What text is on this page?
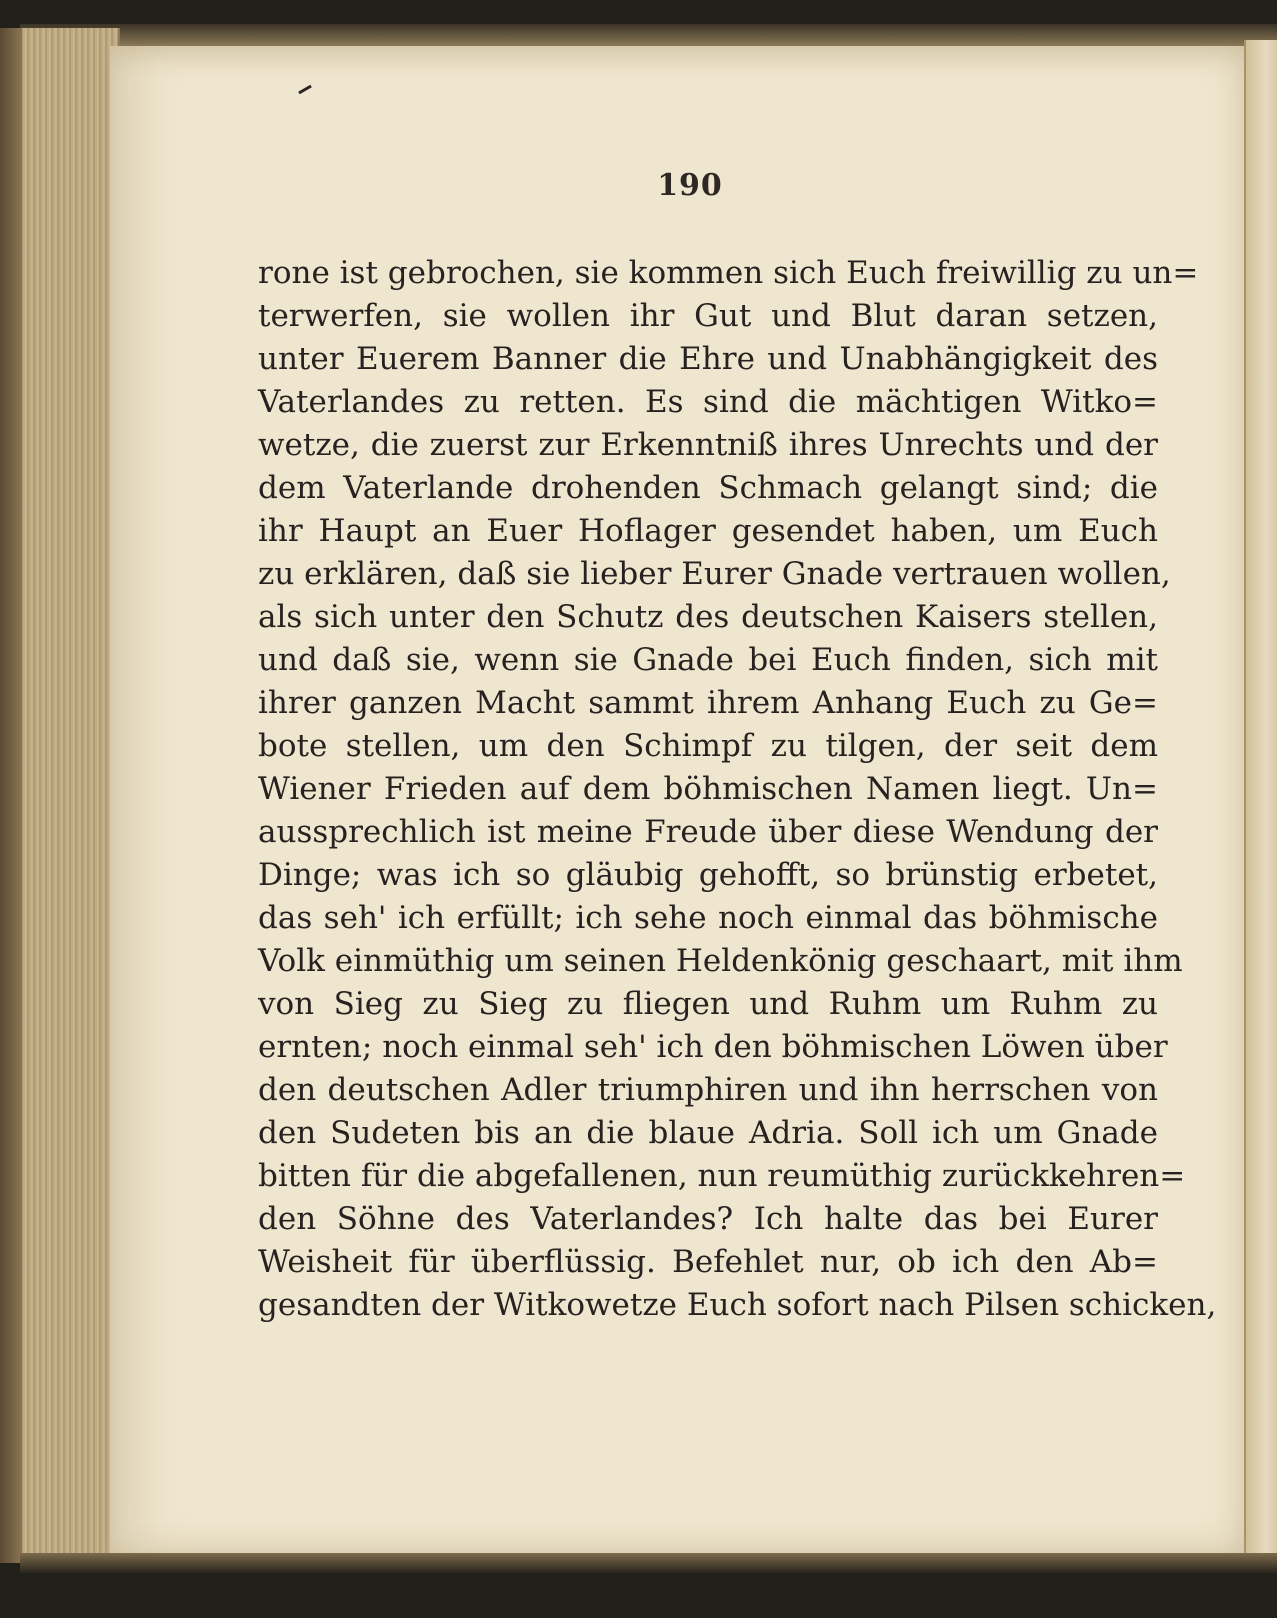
190
rone ist gebrochen, sie kommen sich Euch freiwillig zu un=
terwerfen, sie wollen ihr Gut und Blut daran setzen,
unter Euerem Banner die Ehre und Unabhängigkeit des
Vaterlandes zu retten. Es sind die mächtigen Witko=
wetze, die zuerst zur Erkenntniß ihres Unrechts und der
dem Vaterlande drohenden Schmach gelangt sind; die
ihr Haupt an Euer Hoflager gesendet haben, um Euch
zu erklären, daß sie lieber Eurer Gnade vertrauen wollen,
als sich unter den Schutz des deutschen Kaisers stellen,
und daß sie, wenn sie Gnade bei Euch finden, sich mit
ihrer ganzen Macht sammt ihrem Anhang Euch zu Ge=
bote stellen, um den Schimpf zu tilgen, der seit dem
Wiener Frieden auf dem böhmischen Namen liegt. Un=
aussprechlich ist meine Freude über diese Wendung der
Dinge; was ich so gläubig gehofft, so brünstig erbetet,
das seh' ich erfüllt; ich sehe noch einmal das böhmische
Volk einmüthig um seinen Heldenkönig geschaart, mit ihm
von Sieg zu Sieg zu fliegen und Ruhm um Ruhm zu
ernten; noch einmal seh' ich den böhmischen Löwen über
den deutschen Adler triumphiren und ihn herrschen von
den Sudeten bis an die blaue Adria. Soll ich um Gnade
bitten für die abgefallenen, nun reumüthig zurückkehren=
den Söhne des Vaterlandes? Ich halte das bei Eurer
Weisheit für überflüssig. Befehlet nur, ob ich den Ab=
gesandten der Witkowetze Euch sofort nach Pilsen schicken,
